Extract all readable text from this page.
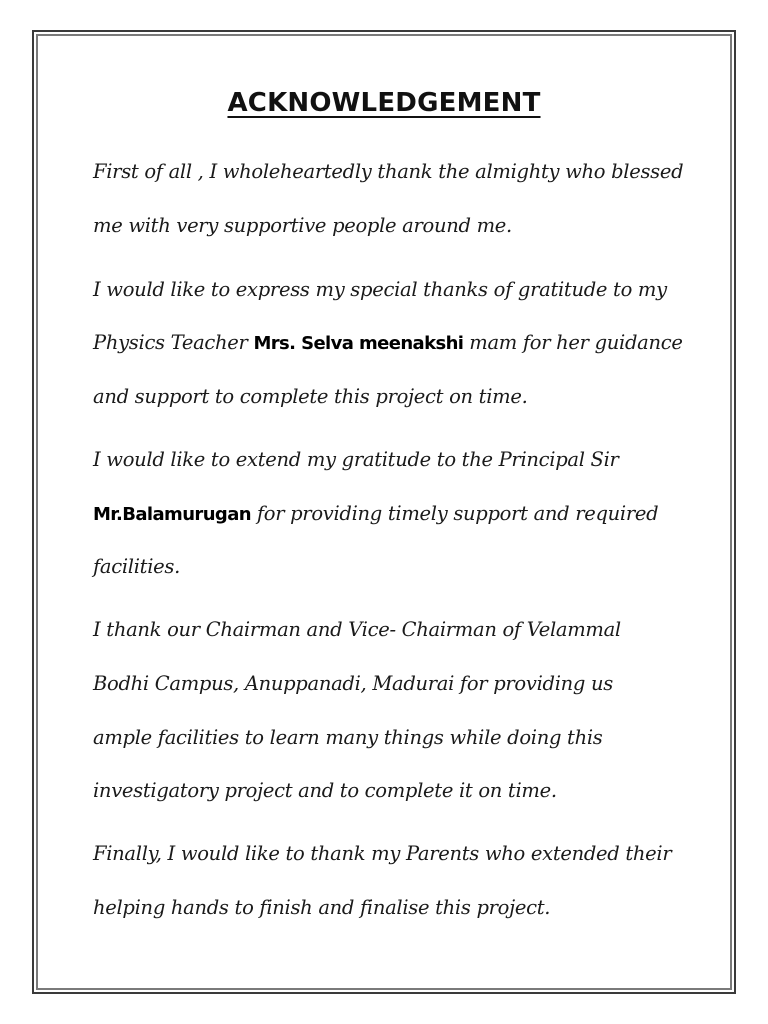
ACKNOWLEDGEMENT
First of all , I wholeheartedly thank the almighty who blessed
me with very supportive people around me.
I would like to express my special thanks of gratitude to my
Physics Teacher Mrs. Selva meenakshi mam for her guidance
and support to complete this project on time.
I would like to extend my gratitude to the Principal Sir
Mr.Balamurugan for providing timely support and required
facilities.
I thank our Chairman and Vice- Chairman of Velammal
Bodhi Campus, Anuppanadi, Madurai for providing us
ample facilities to learn many things while doing this
investigatory project and to complete it on time.
Finally, I would like to thank my Parents who extended their
helping hands to finish and finalise this project.
